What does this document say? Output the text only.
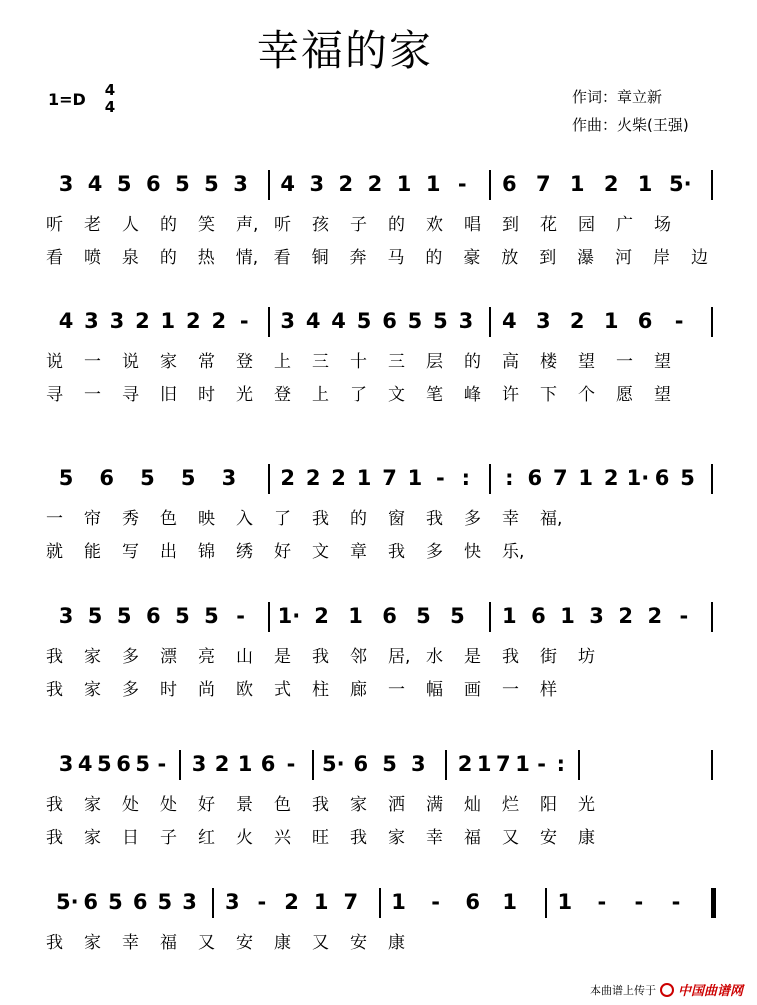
幸福的家
1=D 4
4
作词：章立新
作曲：火柴(王强)
3 4 5 6 5 5 3 4 3 2 2 1 1 - 6 7 1 2 1 5·
听 老 人 的 笑 声, 听 孩 子 的 欢 唱 到 花 园 广 场
看 喷 泉 的 热 情, 看 铜 奔 马 的 豪 放 到 瀑 河 岸 边
4 3 3 2 1 2 2 - 3 4 4 5 6 5 5 3 4 3 2 1 6 -
说 一 说 家 常 登 上 三 十 三 层 的 高 楼 望 一 望
寻 一 寻 旧 时 光 登 上 了 文 笔 峰 许 下 个 愿 望
5 6 5 5 3 2 2 2 1 7 1 - : : 6 7 1 2 1· 6 5
一 帘 秀 色 映 入 了 我 的 窗 我 多 幸 福,
就 能 写 出 锦 绣 好 文 章 我 多 快 乐,
3 5 5 6 5 5 - 1· 2 1 6 5 5 1 6 1 3 2 2 -
我 家 多 漂 亮 山 是 我 邻 居, 水 是 我 街 坊
我 家 多 时 尚 欧 式 柱 廊 一 幅 画 一 样
3 4 5 6 5 - 3 2 1 6 - 5· 6 5 3 2 1 7 1 - :
我 家 处 处 好 景 色 我 家 洒 满 灿 烂 阳 光
我 家 日 子 红 火 兴 旺 我 家 幸 福 又 安 康
5· 6 5 6 5 3 3 - 2 1 7 1 - 6 1 1 - - -
我 家 幸 福 又 安 康 又 安 康
本曲谱上传于 中国曲谱网
